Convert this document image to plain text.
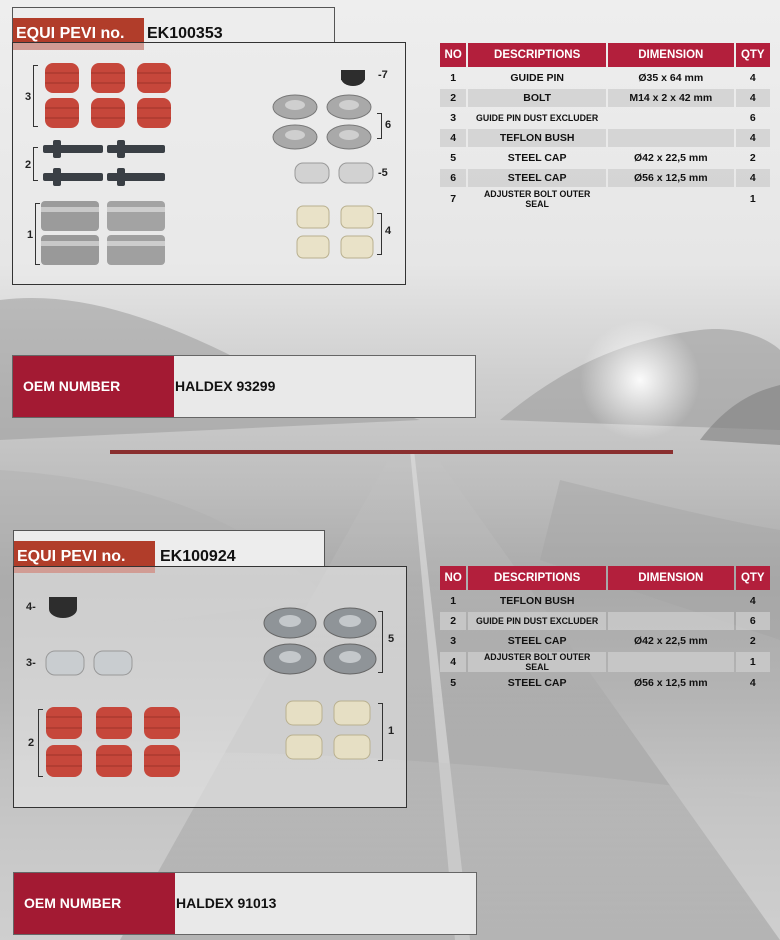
EQUI PEVI no.	EK100353
3
2
1
-7
6
-5
4
NO	DESCRIPTIONS	DIMENSION	QTY
1	GUIDE PIN	Ø35 x 64 mm	4
2	BOLT	M14 x 2 x 42 mm	4
3	GUIDE PIN DUST EXCLUDER		6
4	TEFLON BUSH		4
5	STEEL CAP	Ø42 x 22,5 mm	2
6	STEEL CAP	Ø56 x 12,5 mm	4
7	ADJUSTER BOLT OUTER SEAL		1
OEM NUMBER	HALDEX 93299
EQUI PEVI no.	EK100924
4-
3-
2
5
1
NO	DESCRIPTIONS	DIMENSION	QTY
1	TEFLON BUSH		4
2	GUIDE PIN DUST EXCLUDER		6
3	STEEL CAP	Ø42 x 22,5 mm	2
4	ADJUSTER BOLT OUTER SEAL		1
5	STEEL CAP	Ø56 x 12,5 mm	4
OEM NUMBER	HALDEX 91013
